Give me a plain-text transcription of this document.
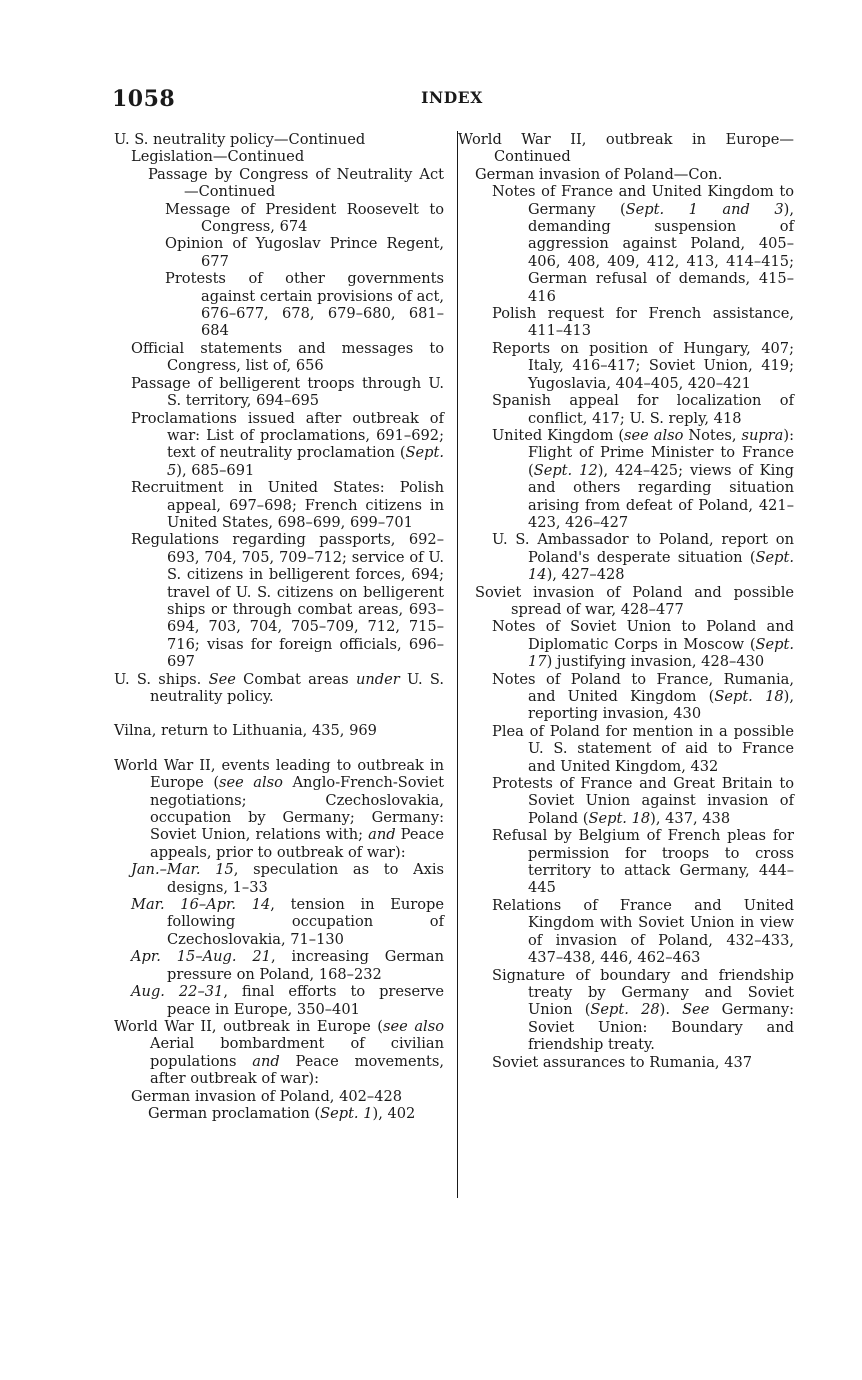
1058	INDEX

U. S. neutrality policy—Continued

Legislation—Continued

Passage by Congress of Neutrality Act—Continued

Message of President Roosevelt to Congress, 674

Opinion of Yugoslav Prince Regent, 677

Protests of other governments against certain provisions of act, 676–677, 678, 679–680, 681–684

Official statements and messages to Congress, list of, 656

Passage of belligerent troops through U. S. territory, 694–695

Proclamations issued after outbreak of war: List of proclamations, 691–692; text of neutrality proclamation (Sept. 5), 685–691

Recruitment in United States: Polish appeal, 697–698; French citizens in United States, 698–699, 699–701

Regulations regarding passports, 692–693, 704, 705, 709–712; service of U. S. citizens in belligerent forces, 694; travel of U. S. citizens on belligerent ships or through combat areas, 693–694, 703, 704, 705–709, 712, 715–716; visas for foreign officials, 696–697

U. S. ships. See Combat areas under U. S. neutrality policy.

Vilna, return to Lithuania, 435, 969

World War II, events leading to outbreak in Europe (see also Anglo-French-Soviet negotiations; Czechoslovakia, occupation by Germany; Germany: Soviet Union, relations with; and Peace appeals, prior to outbreak of war):

Jan.–Mar. 15, speculation as to Axis designs, 1–33

Mar. 16–Apr. 14, tension in Europe following occupation of Czechoslovakia, 71–130

Apr. 15–Aug. 21, increasing German pressure on Poland, 168–232

Aug. 22–31, final efforts to preserve peace in Europe, 350–401

World War II, outbreak in Europe (see also Aerial bombardment of civilian populations and Peace movements, after outbreak of war):

German invasion of Poland, 402–428

German proclamation (Sept. 1), 402

World War II, outbreak in Europe—Continued

German invasion of Poland—Con.

Notes of France and United Kingdom to Germany (Sept. 1 and 3), demanding suspension of aggression against Poland, 405–406, 408, 409, 412, 413, 414–415; German refusal of demands, 415–416

Polish request for French assistance, 411–413

Reports on position of Hungary, 407; Italy, 416–417; Soviet Union, 419; Yugoslavia, 404–405, 420–421

Spanish appeal for localization of conflict, 417; U. S. reply, 418

United Kingdom (see also Notes, supra): Flight of Prime Minister to France (Sept. 12), 424–425; views of King and others regarding situation arising from defeat of Poland, 421–423, 426–427

U. S. Ambassador to Poland, report on Poland's desperate situation (Sept. 14), 427–428

Soviet invasion of Poland and possible spread of war, 428–477

Notes of Soviet Union to Poland and Diplomatic Corps in Moscow (Sept. 17) justifying invasion, 428–430

Notes of Poland to France, Rumania, and United Kingdom (Sept. 18), reporting invasion, 430

Plea of Poland for mention in a possible U. S. statement of aid to France and United Kingdom, 432

Protests of France and Great Britain to Soviet Union against invasion of Poland (Sept. 18), 437, 438

Refusal by Belgium of French pleas for permission for troops to cross territory to attack Germany, 444–445

Relations of France and United Kingdom with Soviet Union in view of invasion of Poland, 432–433, 437–438, 446, 462–463

Signature of boundary and friendship treaty by Germany and Soviet Union (Sept. 28). See Germany: Soviet Union: Boundary and friendship treaty.

Soviet assurances to Rumania, 437
